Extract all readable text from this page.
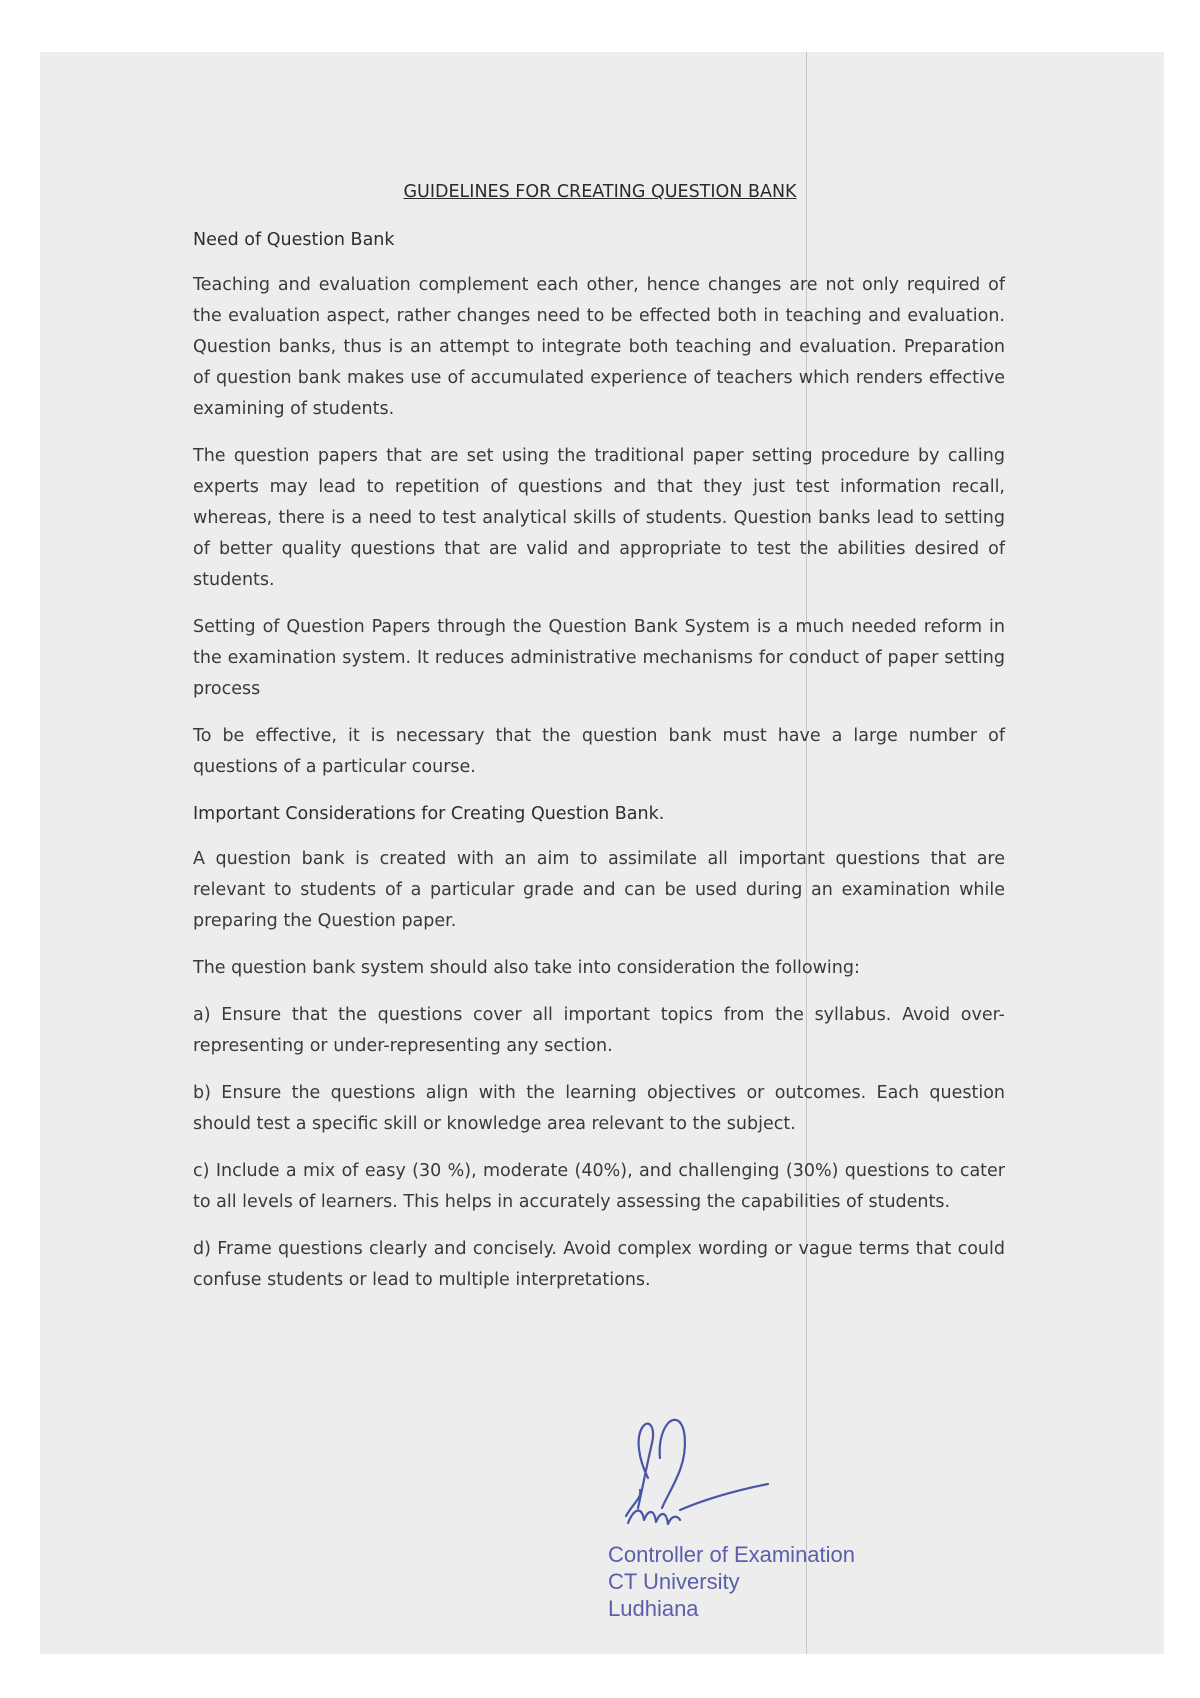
GUIDELINES FOR CREATING QUESTION BANK

Need of Question Bank

Teaching and evaluation complement each other, hence changes are not only required of the evaluation aspect, rather changes need to be effected both in teaching and evaluation. Question banks, thus is an attempt to integrate both teaching and evaluation. Preparation of question bank makes use of accumulated experience of teachers which renders effective examining of students.

The question papers that are set using the traditional paper setting procedure by calling experts may lead to repetition of questions and that they just test information recall, whereas, there is a need to test analytical skills of students. Question banks lead to setting of better quality questions that are valid and appropriate to test the abilities desired of students.

Setting of Question Papers through the Question Bank System is a much needed reform in the examination system. It reduces administrative mechanisms for conduct of paper setting process

To be effective, it is necessary that the question bank must have a large number of questions of a particular course.

Important Considerations for Creating Question Bank.

A question bank is created with an aim to assimilate all important questions that are relevant to students of a particular grade and can be used during an examination while preparing the Question paper.

The question bank system should also take into consideration the following:

a) Ensure that the questions cover all important topics from the syllabus. Avoid over-representing or under-representing any section.

b) Ensure the questions align with the learning objectives or outcomes. Each question should test a specific skill or knowledge area relevant to the subject.

c) Include a mix of easy (30 %), moderate (40%), and challenging (30%) questions to cater to all levels of learners. This helps in accurately assessing the capabilities of students.

d) Frame questions clearly and concisely. Avoid complex wording or vague terms that could confuse students or lead to multiple interpretations.

Controller of Examination
CT University
Ludhiana
